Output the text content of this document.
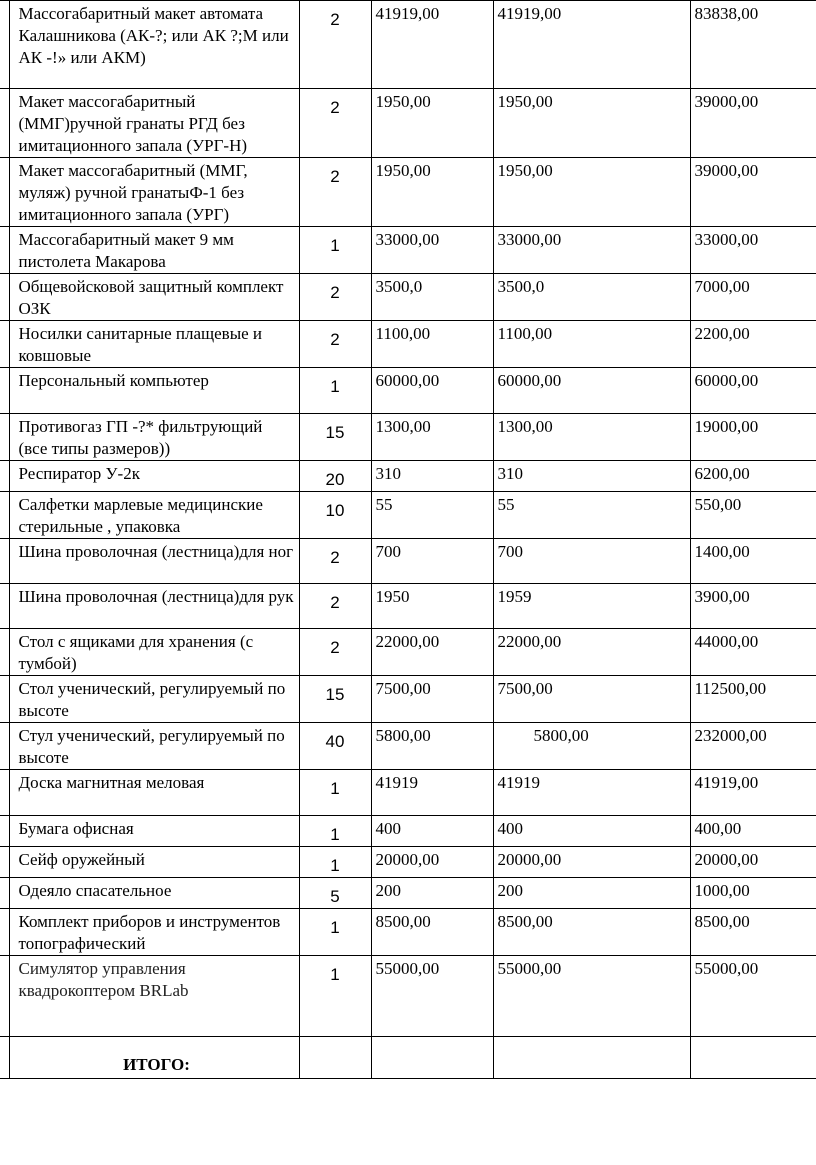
	Массогабаритный макет автомата Калашникова (АК-?; или АК ?;М или АК -!» или АКМ)	2	41919,00	41919,00	83838,00
	Макет массогабаритный (ММГ)ручной гранаты РГД без имитационного запала (УРГ-Н)	2	1950,00	1950,00	39000,00
	Макет массогабаритный (ММГ, муляж) ручной гранатыФ-1 без имитационного запала (УРГ)	2	1950,00	1950,00	39000,00
	Массогабаритный макет 9 мм пистолета Макарова	1	33000,00	33000,00	33000,00
	Общевойсковой защитный комплект ОЗК	2	3500,0	3500,0	7000,00
	Носилки санитарные плащевые и ковшовые	2	1100,00	1100,00	2200,00
	Персональный компьютер	1	60000,00	60000,00	60000,00
	Противогаз ГП -?* фильтрующий (все типы размеров))	15	1300,00	1300,00	19000,00
	Респиратор У-2к	20	310	310	6200,00
	Салфетки марлевые медицинские стерильные , упаковка	10	55	55	550,00
	Шина проволочная (лестница)для ног	2	700	700	1400,00
	Шина проволочная (лестница)для рук	2	1950	1959	3900,00
	Стол с ящиками для хранения (с тумбой)	2	22000,00	22000,00	44000,00
	Стол ученический, регулируемый по высоте	15	7500,00	7500,00	112500,00
	Стул ученический, регулируемый по высоте	40	5800,00	5800,00	232000,00
	Доска магнитная меловая	1	41919	41919	41919,00
	Бумага офисная	1	400	400	400,00
	Сейф оружейный	1	20000,00	20000,00	20000,00
	Одеяло спасательное	5	200	200	1000,00
	Комплект приборов и инструментов топографический	1	8500,00	8500,00	8500,00
	Симулятор управления квадрокоптером BRLab	1	55000,00	55000,00	55000,00
	ИТОГО:				
